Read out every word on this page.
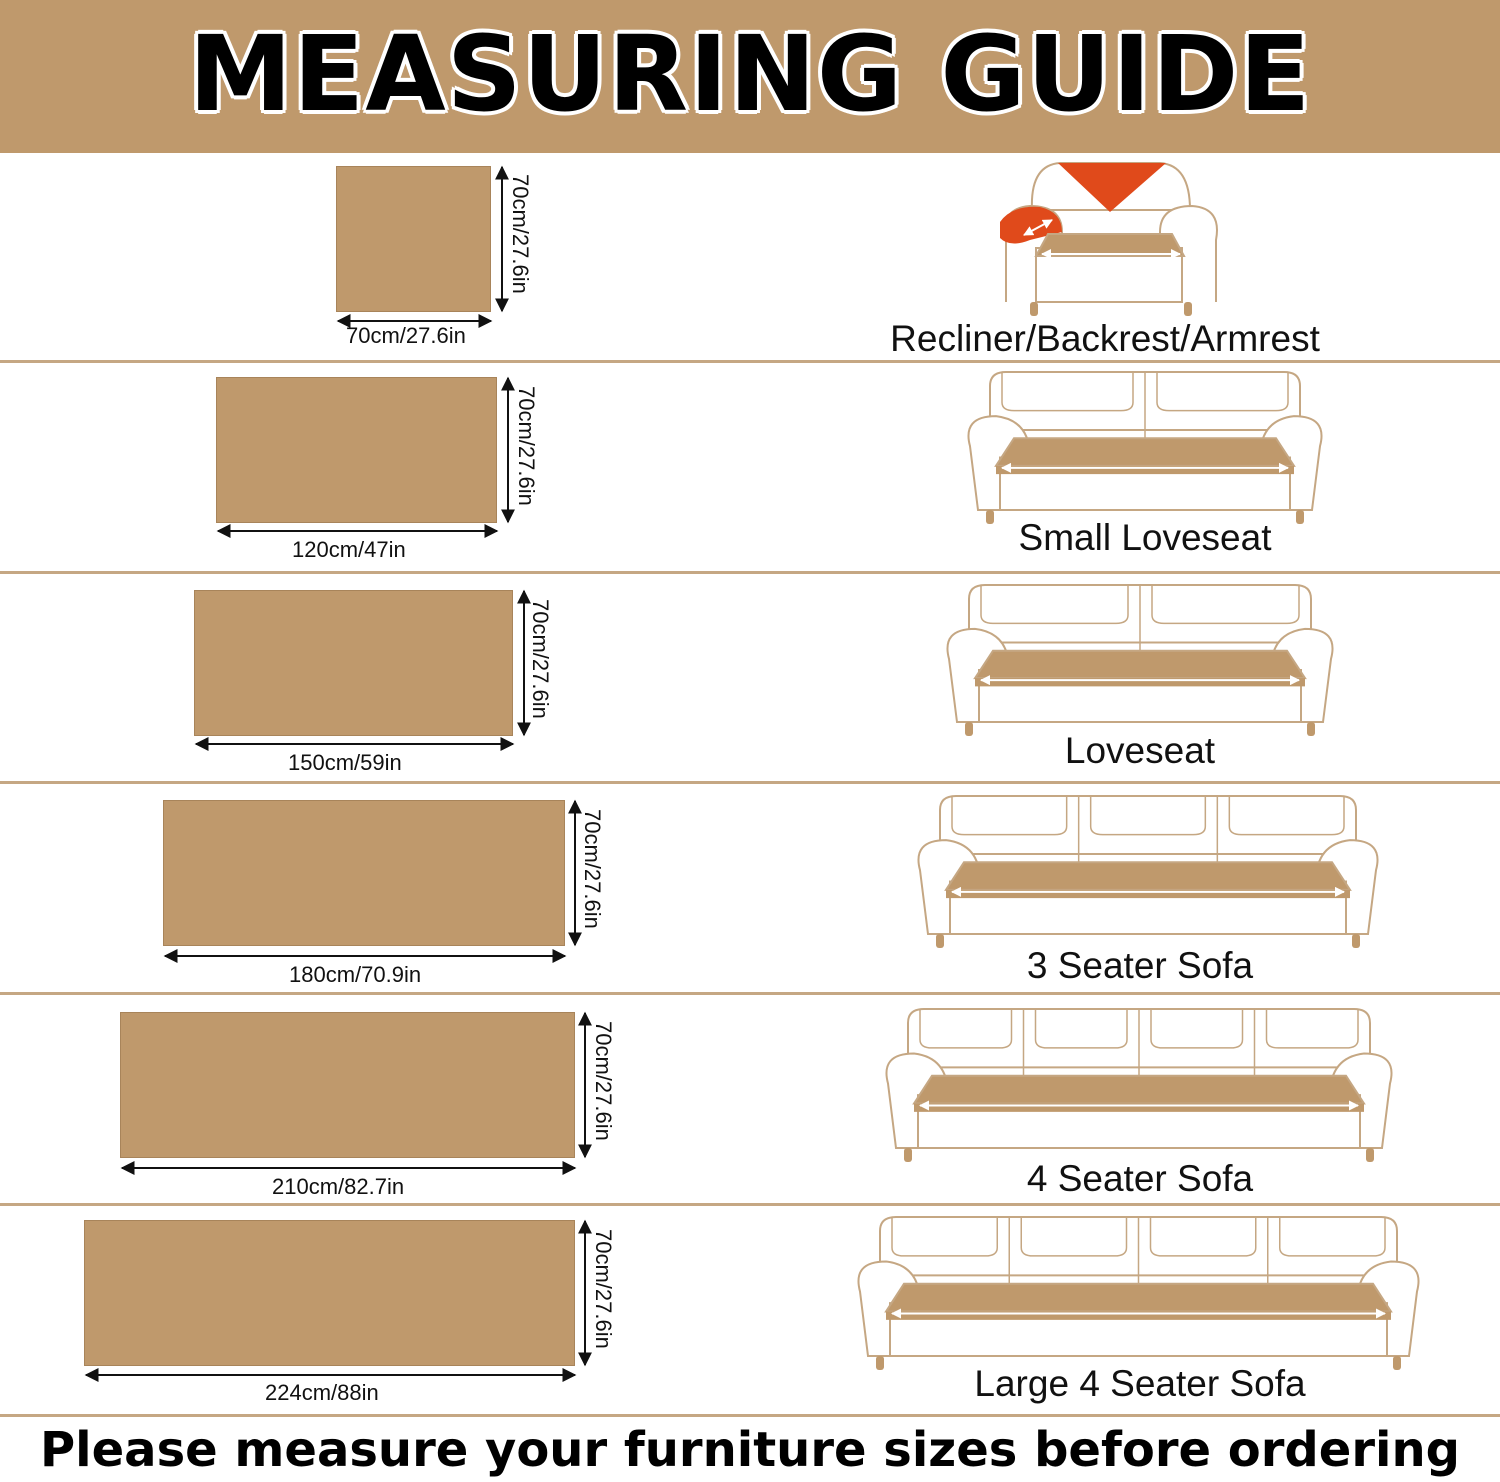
MEASURING GUIDE
70cm/27.6in
70cm/27.6in
Recliner/Backrest/Armrest
120cm/47in
70cm/27.6in
Small Loveseat
150cm/59in
70cm/27.6in
Loveseat
180cm/70.9in
70cm/27.6in
3 Seater Sofa
210cm/82.7in
70cm/27.6in
4 Seater Sofa
224cm/88in
70cm/27.6in
Large 4 Seater Sofa
Please measure your furniture sizes before ordering
